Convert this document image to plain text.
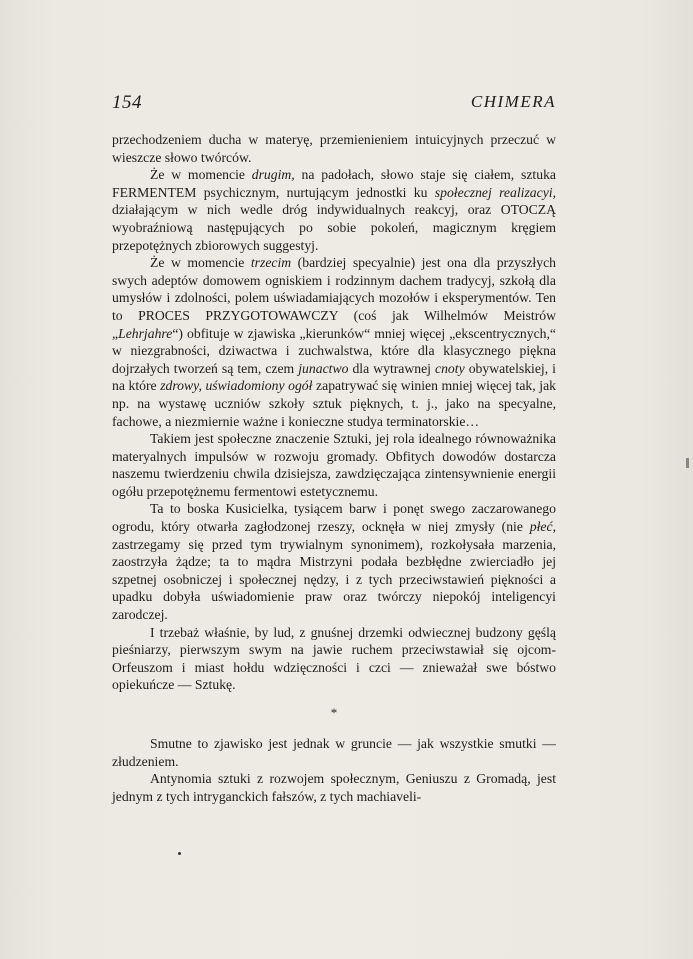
154	CHIMERA

przechodzeniem ducha w materyę, przemienieniem intuicyjnych przeczuć w wieszcze słowo twórców.

Że w momencie drugim, na padołach, słowo staje się ciałem, sztuka FERMENTEM psychicznym, nurtującym jednostki ku społecznej realizacyi, działającym w nich wedle dróg indywidualnych reakcyj, oraz OTOCZĄ wyobraźniową następujących po sobie pokoleń, magicznym kręgiem przepotężnych zbiorowych suggestyj.

Że w momencie trzecim (bardziej specyalnie) jest ona dla przyszłych swych adeptów domowem ogniskiem i rodzinnym dachem tradycyj, szkołą dla umysłów i zdolności, polem uświadamiających mozołów i eksperymentów. Ten to PROCES PRZYGOTOWAWCZY (coś jak Wilhelmów Meistrów „Lehrjahre“) obfituje w zjawiska „kierunków“ mniej więcej „ekscentrycznych,“ w niezgrabności, dziwactwa i zuchwalstwa, które dla klasycznego piękna dojrzałych tworzeń są tem, czem junactwo dla wytrawnej cnoty obywatelskiej, i na które zdrowy, uświadomiony ogół zapatrywać się winien mniej więcej tak, jak np. na wystawę uczniów szkoły sztuk pięknych, t. j., jako na specyalne, fachowe, a niezmiernie ważne i konieczne studya terminatorskie…

Takiem jest społeczne znaczenie Sztuki, jej rola idealnego równoważnika materyalnych impulsów w rozwoju gromady. Obfitych dowodów dostarcza naszemu twierdzeniu chwila dzisiejsza, zawdzięczająca zintensywnienie energii ogółu przepotężnemu fermentowi estetycznemu.

Ta to boska Kusicielka, tysiącem barw i ponęt swego zaczarowanego ogrodu, który otwarła zagłodzonej rzeszy, ocknęła w niej zmysły (nie płeć, zastrzegamy się przed tym trywialnym synonimem), rozkołysała marzenia, zaostrzyła żądze; ta to mądra Mistrzyni podała bezbłędne zwierciadło jej szpetnej osobniczej i społecznej nędzy, i z tych przeciwstawień piękności a upadku dobyła uświadomienie praw oraz twórczy niepokój inteligencyi zarodczej.

I trzebaż właśnie, by lud, z gnuśnej drzemki odwiecznej budzony gęślą pieśniarzy, pierwszym swym na jawie ruchem przeciwstawiał się ojcom-Orfeuszom i miast hołdu wdzięczności i czci — znieważał swe bóstwo opiekuńcze — Sztukę.

*

Smutne to zjawisko jest jednak w gruncie — jak wszystkie smutki — złudzeniem.

Antynomia sztuki z rozwojem społecznym, Geniuszu z Gromadą, jest jednym z tych intryganckich fałszów, z tych machiaveli-
